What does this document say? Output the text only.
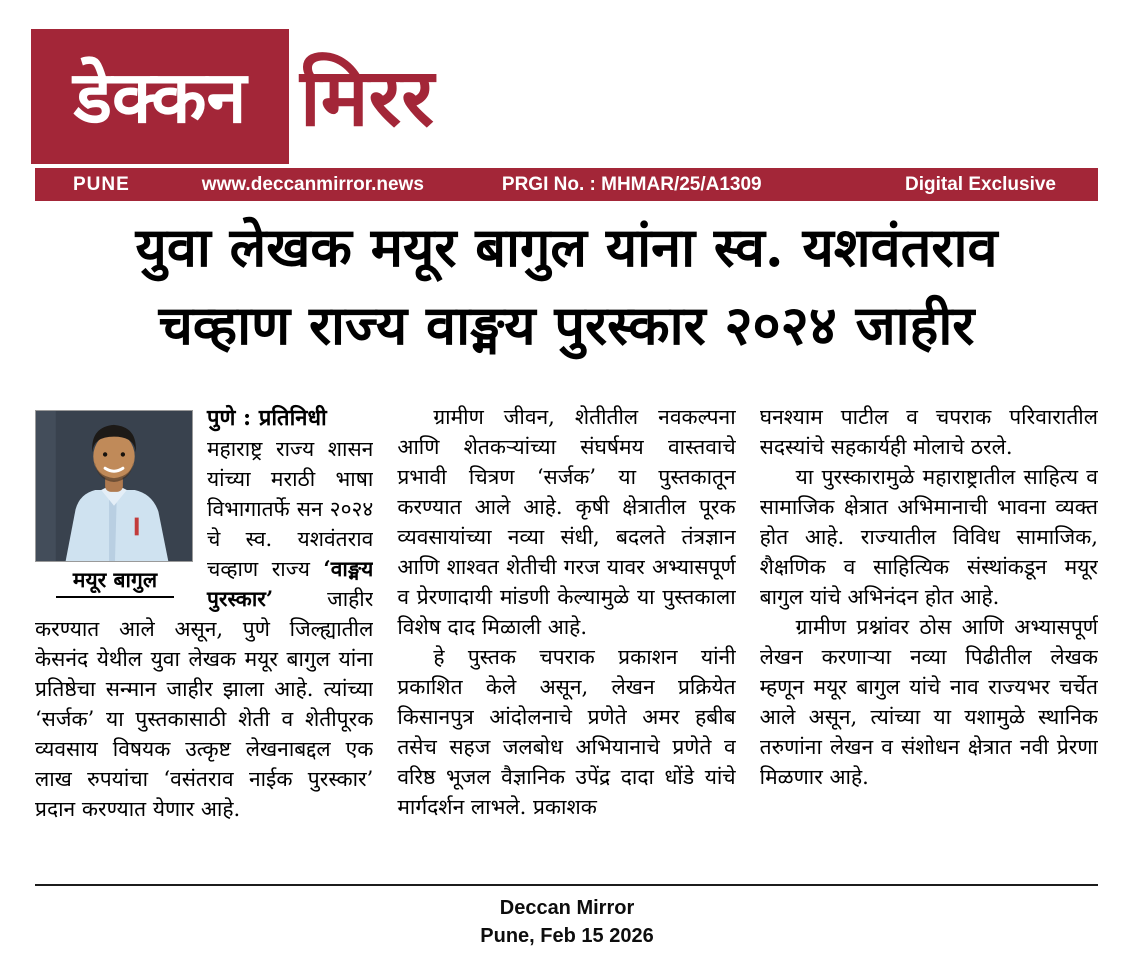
डेक्कन मिरर
PUNE	www.deccanmirror.news	PRGI No. : MHMAR/25/A1309	Digital Exclusive
युवा लेखक मयूर बागुल यांना स्व. यशवंतराव
चव्हाण राज्य वाङ्मय पुरस्कार २०२४ जाहीर
मयूर बागुल
पुणे : प्रतिनिधी

महाराष्ट्र राज्य शासन यांच्या मराठी भाषा विभागातर्फे सन २०२४ चे स्व. यशवंतराव चव्हाण राज्य ‘वाङ्मय पुरस्कार’ जाहीर करण्यात आले असून, पुणे जिल्ह्यातील केसनंद येथील युवा लेखक मयूर बागुल यांना प्रतिष्ठेचा सन्मान जाहीर झाला आहे. त्यांच्या ‘सर्जक’ या पुस्तकासाठी शेती व शेतीपूरक व्यवसाय विषयक उत्कृष्ट लेखनाबद्दल एक लाख रुपयांचा ‘वसंतराव नाईक पुरस्कार’ प्रदान करण्यात येणार आहे.

ग्रामीण जीवन, शेतीतील नवकल्पना आणि शेतकऱ्यांच्या संघर्षमय वास्तवाचे प्रभावी चित्रण ‘सर्जक’ या पुस्तकातून करण्यात आले आहे. कृषी क्षेत्रातील पूरक व्यवसायांच्या नव्या संधी, बदलते तंत्रज्ञान आणि शाश्वत शेतीची गरज यावर अभ्यासपूर्ण व प्रेरणादायी मांडणी केल्यामुळे या पुस्तकाला विशेष दाद मिळाली आहे.

हे पुस्तक चपराक प्रकाशन यांनी प्रकाशित केले असून, लेखन प्रक्रियेत किसानपुत्र आंदोलनाचे प्रणेते अमर हबीब तसेच सहज जलबोध अभियानाचे प्रणेते व वरिष्ठ भूजल वैज्ञानिक उपेंद्र दादा धोंडे यांचे मार्गदर्शन लाभले. प्रकाशक

घनश्याम पाटील व चपराक परिवारातील सदस्यांचे सहकार्यही मोलाचे ठरले.

या पुरस्कारामुळे महाराष्ट्रातील साहित्य व सामाजिक क्षेत्रात अभिमानाची भावना व्यक्त होत आहे. राज्यातील विविध सामाजिक, शैक्षणिक व साहित्यिक संस्थांकडून मयूर बागुल यांचे अभिनंदन होत आहे.

ग्रामीण प्रश्नांवर ठोस आणि अभ्यासपूर्ण लेखन करणाऱ्या नव्या पिढीतील लेखक म्हणून मयूर बागुल यांचे नाव राज्यभर चर्चेत आले असून, त्यांच्या या यशामुळे स्थानिक तरुणांना लेखन व संशोधन क्षेत्रात नवी प्रेरणा मिळणार आहे.

Deccan Mirror
Pune, Feb 15 2026
